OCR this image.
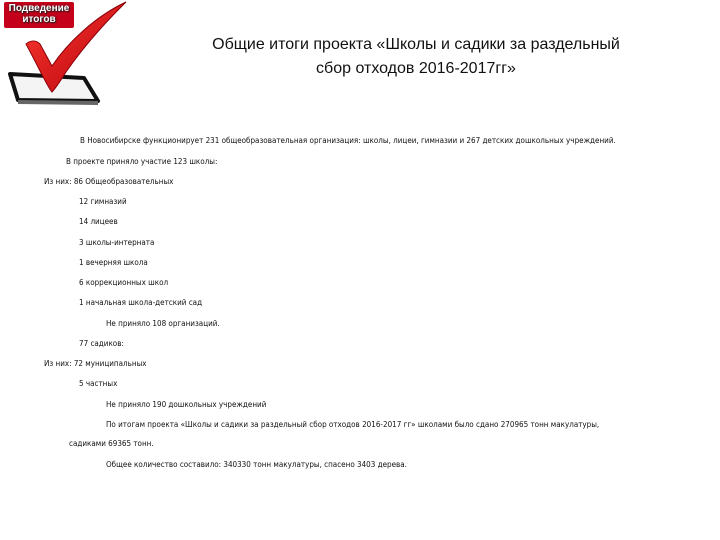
Подведение
итогов
Общие итоги проекта «Школы и садики за раздельный
сбор отходов 2016-2017гг»
В Новосибирске функционирует 231 общеобразовательная организация: школы, лицеи, гимназии и 267 детских дошкольных учреждений.
В проекте приняло участие 123 школы:
Из них: 86 Общеобразовательных
12 гимназий
14 лицеев
3 школы-интерната
1 вечерняя школа
6 коррекционных школ
1 начальная школа-детский сад
Не приняло 108 организаций.
77 садиков:
Из них: 72 муниципальных
5 частных
Не приняло 190 дошкольных учреждений
По итогам проекта «Школы и садики за раздельный сбор отходов 2016-2017 гг» школами было сдано 270965 тонн макулатуры,
садиками 69365 тонн.
Общее количество составило: 340330 тонн макулатуры, спасено 3403 дерева.
